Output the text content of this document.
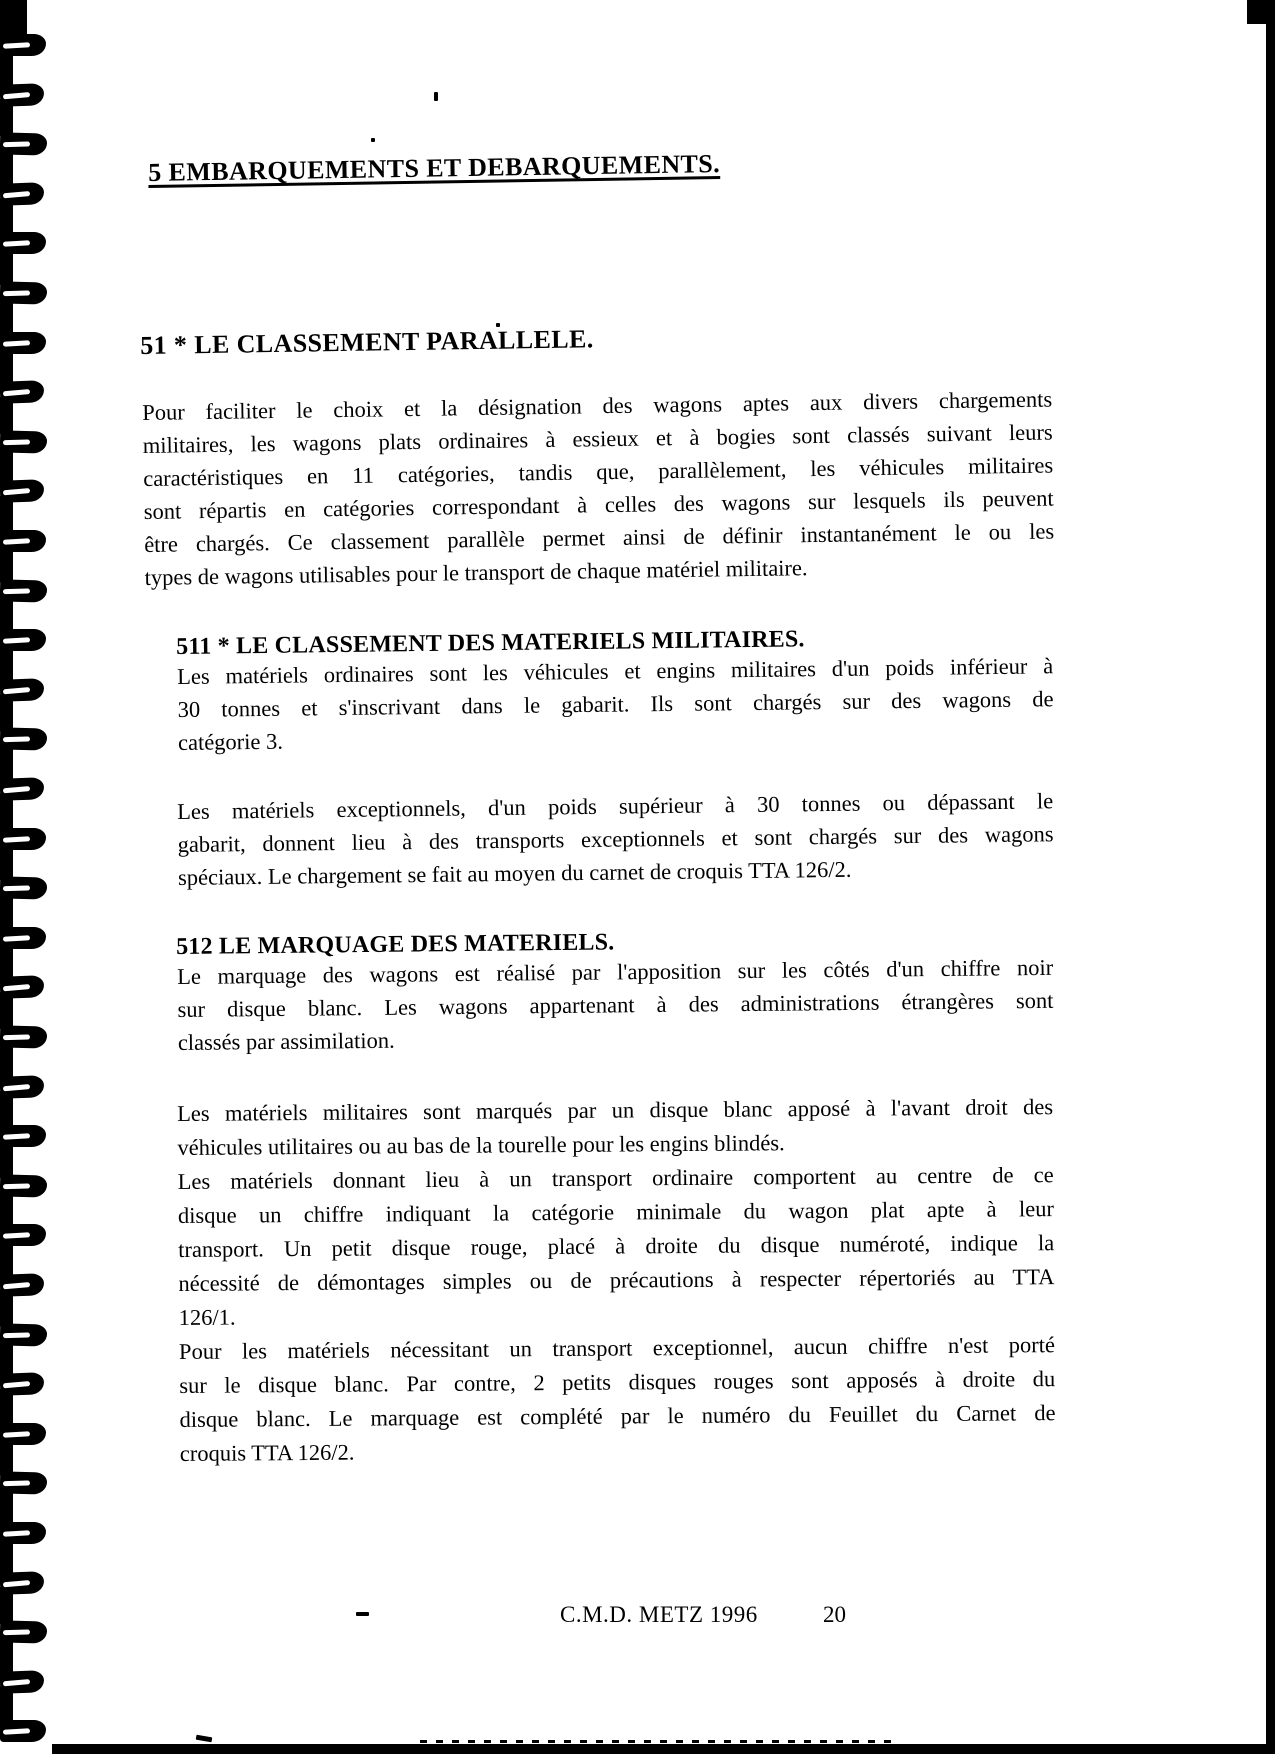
5 EMBARQUEMENTS ET DEBARQUEMENTS.
51 * LE CLASSEMENT PARALLELE.
Pour faciliter le choix et la désignation des wagons aptes aux divers chargements
militaires, les wagons plats ordinaires à essieux et à bogies sont classés suivant leurs
caractéristiques en 11 catégories, tandis que, parallèlement, les véhicules militaires
sont répartis en catégories correspondant à celles des wagons sur lesquels ils peuvent
être chargés. Ce classement parallèle permet ainsi de définir instantanément le ou les
types de wagons utilisables pour le transport de chaque matériel militaire.
511 * LE CLASSEMENT DES MATERIELS MILITAIRES.
Les matériels ordinaires sont les véhicules et engins militaires d'un poids inférieur à
30 tonnes et s'inscrivant dans le gabarit. Ils sont chargés sur des wagons de
catégorie 3.
Les matériels exceptionnels, d'un poids supérieur à 30 tonnes ou dépassant le
gabarit, donnent lieu à des transports exceptionnels et sont chargés sur des wagons
spéciaux. Le chargement se fait au moyen du carnet de croquis TTA 126/2.
512 LE MARQUAGE DES MATERIELS.
Le marquage des wagons est réalisé par l'apposition sur les côtés d'un chiffre noir
sur disque blanc. Les wagons appartenant à des administrations étrangères sont
classés par assimilation.
Les matériels militaires sont marqués par un disque blanc apposé à l'avant droit des
véhicules utilitaires ou au bas de la tourelle pour les engins blindés.
Les matériels donnant lieu à un transport ordinaire comportent au centre de ce
disque un chiffre indiquant la catégorie minimale du wagon plat apte à leur
transport. Un petit disque rouge, placé à droite du disque numéroté, indique la
nécessité de démontages simples ou de précautions à respecter répertoriés au TTA
126/1.
Pour les matériels nécessitant un transport exceptionnel, aucun chiffre n'est porté
sur le disque blanc. Par contre, 2 petits disques rouges sont apposés à droite du
disque blanc. Le marquage est complété par le numéro du Feuillet du Carnet de
croquis TTA 126/2.
C.M.D. METZ 1996	20
